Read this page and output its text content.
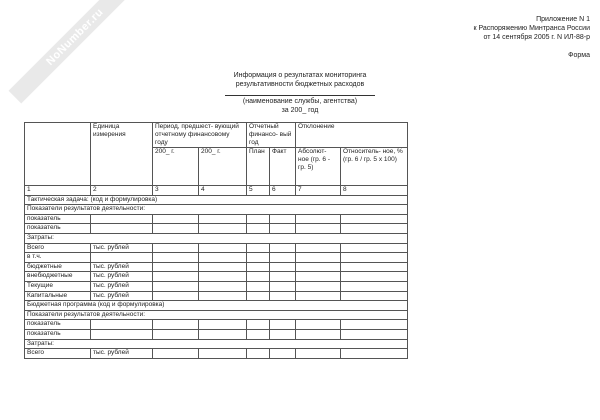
NoNumber.ru	Приложение N 1
к Распоряжению Минтранса России
от 14 сентября 2005 г. N ИЛ-88-р
Форма
Информация о результатах мониторинга
результативности бюджетных расходов
(наименование службы, агентства)
за 200_ год
	Единица измерения	Период, предшест- вующий отчетному финансовому году		Отчетный финансо- вый год		Отклонение	
		200_ г.	200_ г.	План	Факт	Абсолют- ное (гр. 6 - гр. 5)	Относитель- ное, % (гр. 6 / гр. 5 x 100)
1	2	3	4	5	6	7	8
Тактическая задача: (код и формулировка)							
Показатели результатов деятельности:							
показатель							
показатель							
Затраты:							
Всего	тыс. рублей						
в т.ч.							
бюджетные	тыс. рублей						
внебюджетные	тыс. рублей						
Текущие	тыс. рублей						
Капитальные	тыс. рублей						
Бюджетная программа (код и формулировка)							
Показатели результатов деятельности:							
показатель							
показатель							
Затраты:							
Всего	тыс. рублей						
